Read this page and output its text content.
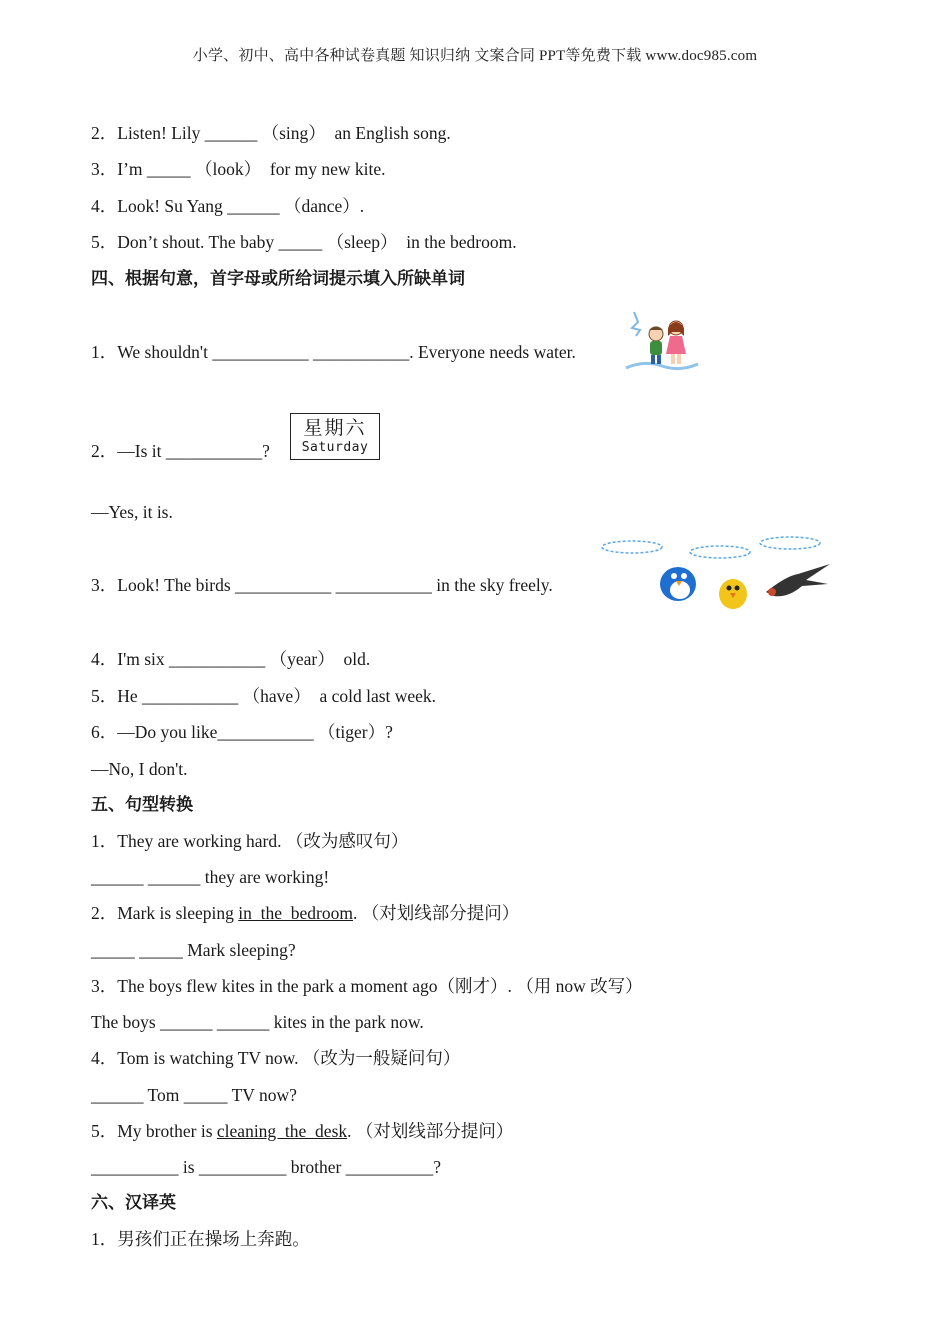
小学、初中、高中各种试卷真题 知识归纳 文案合同 PPT等免费下载 www.doc985.com
2．Listen! Lily ______ （sing）  an English song.
3．I’m _____ （look）  for my new kite.
4．Look! Su Yang ______ （dance）.
5．Don’t shout. The baby _____ （sleep）  in the bedroom.
四、根据句意，首字母或所给词提示填入所缺单词
1．We shouldn't ___________ ___________. Everyone needs water.
2．—Is it ___________?
星期六
Saturday
—Yes, it is.
3．Look! The birds ___________ ___________ in the sky freely.
4．I'm six ___________ （year）  old.
5．He ___________ （have）  a cold last week.
6．—Do you like___________ （tiger）?
—No, I don't.
五、句型转换
1．They are working hard. （改为感叹句）
______ ______ they are working!
2．Mark is sleeping in  the  bedroom. （对划线部分提问）
_____ _____ Mark sleeping?
3．The boys flew kites in the park a moment ago（刚才）. （用 now 改写）
The boys ______ ______ kites in the park now.
4．Tom is watching TV now. （改为一般疑问句）
______ Tom _____ TV now?
5．My brother is cleaning  the  desk. （对划线部分提问）
__________ is __________ brother __________?
六、汉译英
1．男孩们正在操场上奔跑。
